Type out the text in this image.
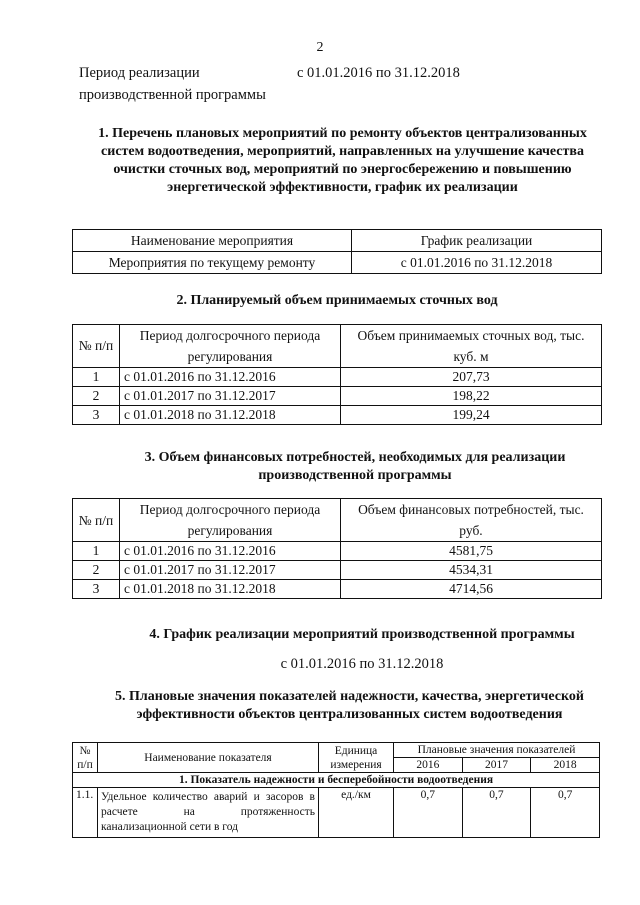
2
Период реализации производственной программы
с 01.01.2016 по 31.12.2018
1. Перечень плановых мероприятий по ремонту объектов централизованных систем водоотведения, мероприятий, направленных на улучшение качества очистки сточных вод, мероприятий по энергосбережению и повышению энергетической эффективности, график их реализации
Наименование мероприятия	График реализации
Мероприятия по текущему ремонту	с 01.01.2016 по 31.12.2018
2. Планируемый объем принимаемых сточных вод
№ п/п	Период долгосрочного периода регулирования	Объем принимаемых сточных вод, тыс. куб. м
1	с 01.01.2016 по 31.12.2016	207,73
2	с 01.01.2017 по 31.12.2017	198,22
3	с 01.01.2018 по 31.12.2018	199,24
3. Объем финансовых потребностей, необходимых для реализации производственной программы
№ п/п	Период долгосрочного периода регулирования	Объем финансовых потребностей, тыс. руб.
1	с 01.01.2016 по 31.12.2016	4581,75
2	с 01.01.2017 по 31.12.2017	4534,31
3	с 01.01.2018 по 31.12.2018	4714,56
4. График реализации мероприятий производственной программы
с 01.01.2016 по 31.12.2018
5. Плановые значения показателей надежности, качества, энергетической эффективности объектов централизованных систем водоотведения
№ п/п	Наименование показателя	Единица измерения	Плановые значения показателей		
			2016	2017	2018
1. Показатель надежности и бесперебойности водоотведения					
1.1.	Удельное количество аварий и засоров в расчете на протяженность канализационной сети в год	ед./км	0,7	0,7	0,7
